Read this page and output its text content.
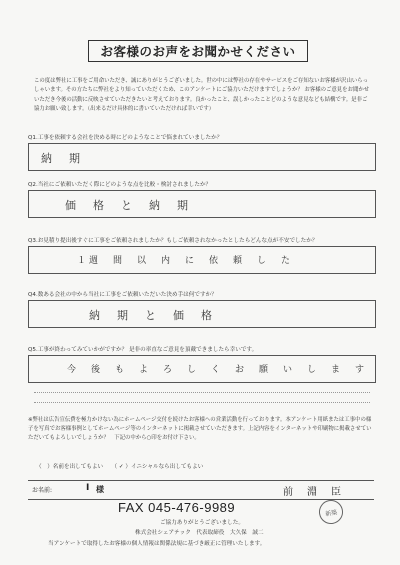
お客様のお声をお聞かせください
この度は弊社に工事をご用命いただき、誠にありがとうございました。世の中には弊社の存在やサービスをご存知ないお客様が沢山いらっしゃいます。その方たちに弊社をより知っていただくため、このアンケートにご協力いただけますでしょうか？ お客様のご意見をお聞かせいただき今後の活動に反映させていただきたいと考えております。良かったこと、誤しかったことどのような意見なども結構です。是非ご協力お願い致します。（出来るだけ具体的に書いていただければ幸いです）
Q1.工事を依頼する会社を決める時にどのようなことで悩まれていましたか？
納　期
Q2.当社にご依頼いただく際にどのような点を比較・検討されましたか？
価　格　と　納　期
Q3.お見積り提出後すぐに工事をご依頼されましたか？もしご依頼されなかったとしたらどんな点が不安でしたか？
１週　間　以　内　に　依　頼　し　た
Q4.数ある会社の中から当社に工事をご依頼いただいた決め手は何ですか？
納　期　と　価　格
Q5.工事が終わってみていかがですか？ 是非の率直なご意見を頂戴できましたら幸いです。
今　後　も　よ　ろ　し　く　お　願　い　し　ま　す
※弊社は広告宣伝費を極力かけない為にホームページ交付を続けたお客様への営業活動を行っております。本アンケート用紙または工事中の様子を写真でお客様事例としてホームページ等のインターネットに掲載させていただきます。上記内容をインターネットや印刷物に掲載させていただいてもよろしいでしょうか？　下記の中から○印をお付け下さい。
（　）名前を出してもよい　　（ ✓ ）イニシャルなら出してもよい
お名前:	I 様	前　淵　臣
FAX 045-476-9989	新築
ご協力ありがとうございました。
株式会社シェアテック　代表取締役　大久保　誠二
当アンケートで取得したお客様の個人情報は関係法規に基づき厳正に管理いたします。
